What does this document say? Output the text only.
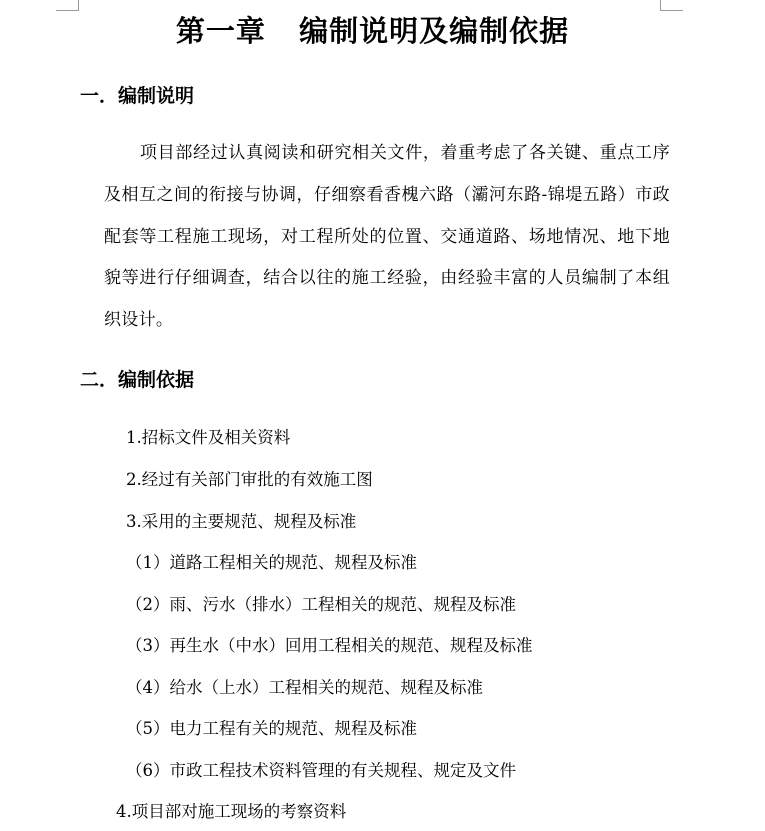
第一章   编制说明及编制依据
一．编制说明
项目部经过认真阅读和研究相关文件，着重考虑了各关键、重点工序及相互之间的衔接与协调，仔细察看香槐六路（灞河东路-锦堤五路）市政配套等工程施工现场，对工程所处的位置、交通道路、场地情况、地下地貌等进行仔细调查，结合以往的施工经验，由经验丰富的人员编制了本组织设计。
二．编制依据
1.招标文件及相关资料
2.经过有关部门审批的有效施工图
3.采用的主要规范、规程及标准
（1）道路工程相关的规范、规程及标准
（2）雨、污水（排水）工程相关的规范、规程及标准
（3）再生水（中水）回用工程相关的规范、规程及标准
（4）给水（上水）工程相关的规范、规程及标准
（5）电力工程有关的规范、规程及标准
（6）市政工程技术资料管理的有关规程、规定及文件
4.项目部对施工现场的考察资料
